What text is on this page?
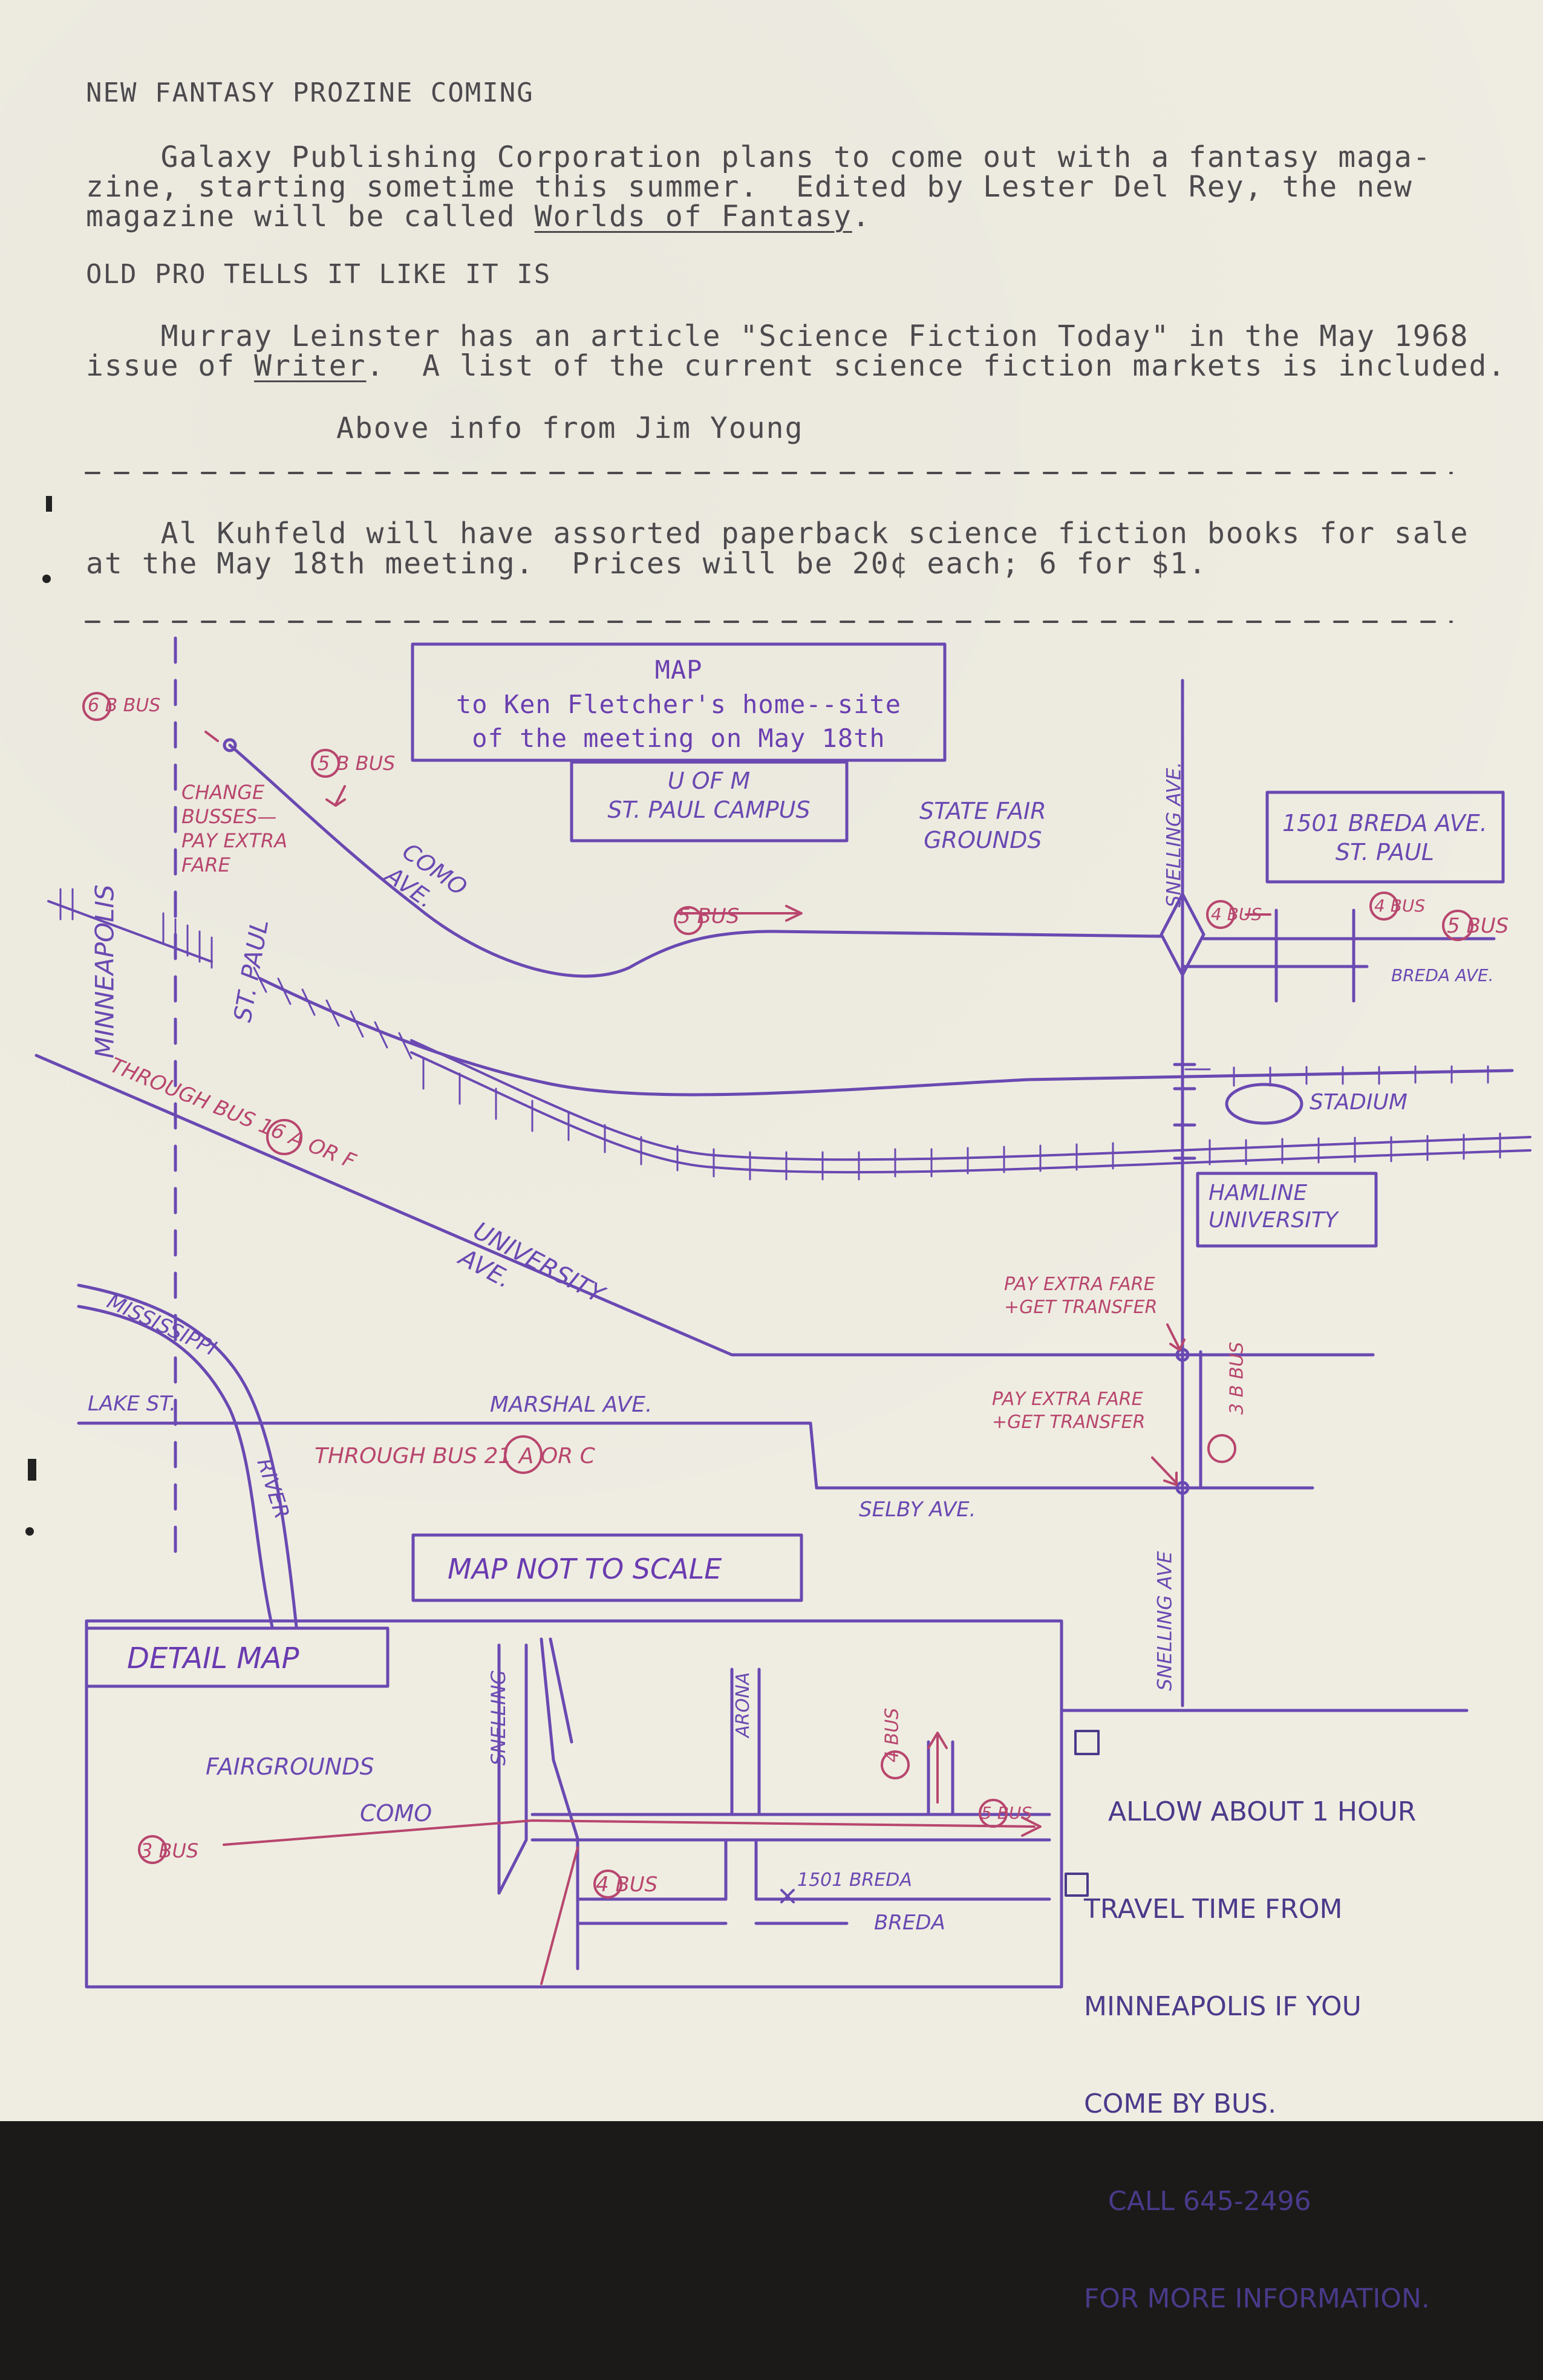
NEW FANTASY PROZINE COMING
Galaxy Publishing Corporation plans to come out with a fantasy maga-
zine, starting sometime this summer.  Edited by Lester Del Rey, the new
magazine will be called Worlds of Fantasy.
OLD PRO TELLS IT LIKE IT IS
Murray Leinster has an article "Science Fiction Today" in the May 1968
issue of Writer.  A list of the current science fiction markets is included.
Above info from Jim Young
Al Kuhfeld will have assorted paperback science fiction books for sale
at the May 18th meeting.  Prices will be 20¢ each; 6 for $1.
MAP
to Ken Fletcher's home--site
of the meeting on May 18th
U OF M
ST. PAUL CAMPUS	STATE FAIR
GROUNDS
COMO
AVE.
1501 BREDA AVE.
ST. PAUL
SNELLING AVE.
BREDA AVE.
MINNEAPOLIS	ST. PAUL
STADIUM
HAMLINE
UNIVERSITY
UNIVERSITY
AVE.
MISSISSIPPI
RIVER
LAKE ST.	MARSHAL AVE.
SELBY AVE.
SNELLING AVE
MAP NOT TO SCALE
DETAIL MAP
FAIRGROUNDS
SNELLING	ARONA
COMO
1501 BREDA
BREDA
6 B BUS
5 B BUS
CHANGE
BUSSES—
PAY EXTRA
FARE
5 BUS	4 BUS	4 BUS
5 BUS
THROUGH BUS 16 A OR F
PAY EXTRA FARE
+GET TRANSFER
PAY EXTRA FARE
+GET TRANSFER
THROUGH BUS 21 A OR C
3 B BUS
3 BUS
4 BUS
4 BUS
5 BUS

	ALLOW ABOUT 1 HOUR

TRAVEL TIME FROM

MINNEAPOLIS IF YOU

COME BY BUS.

CALL 645-2496

FOR MORE INFORMATION.
